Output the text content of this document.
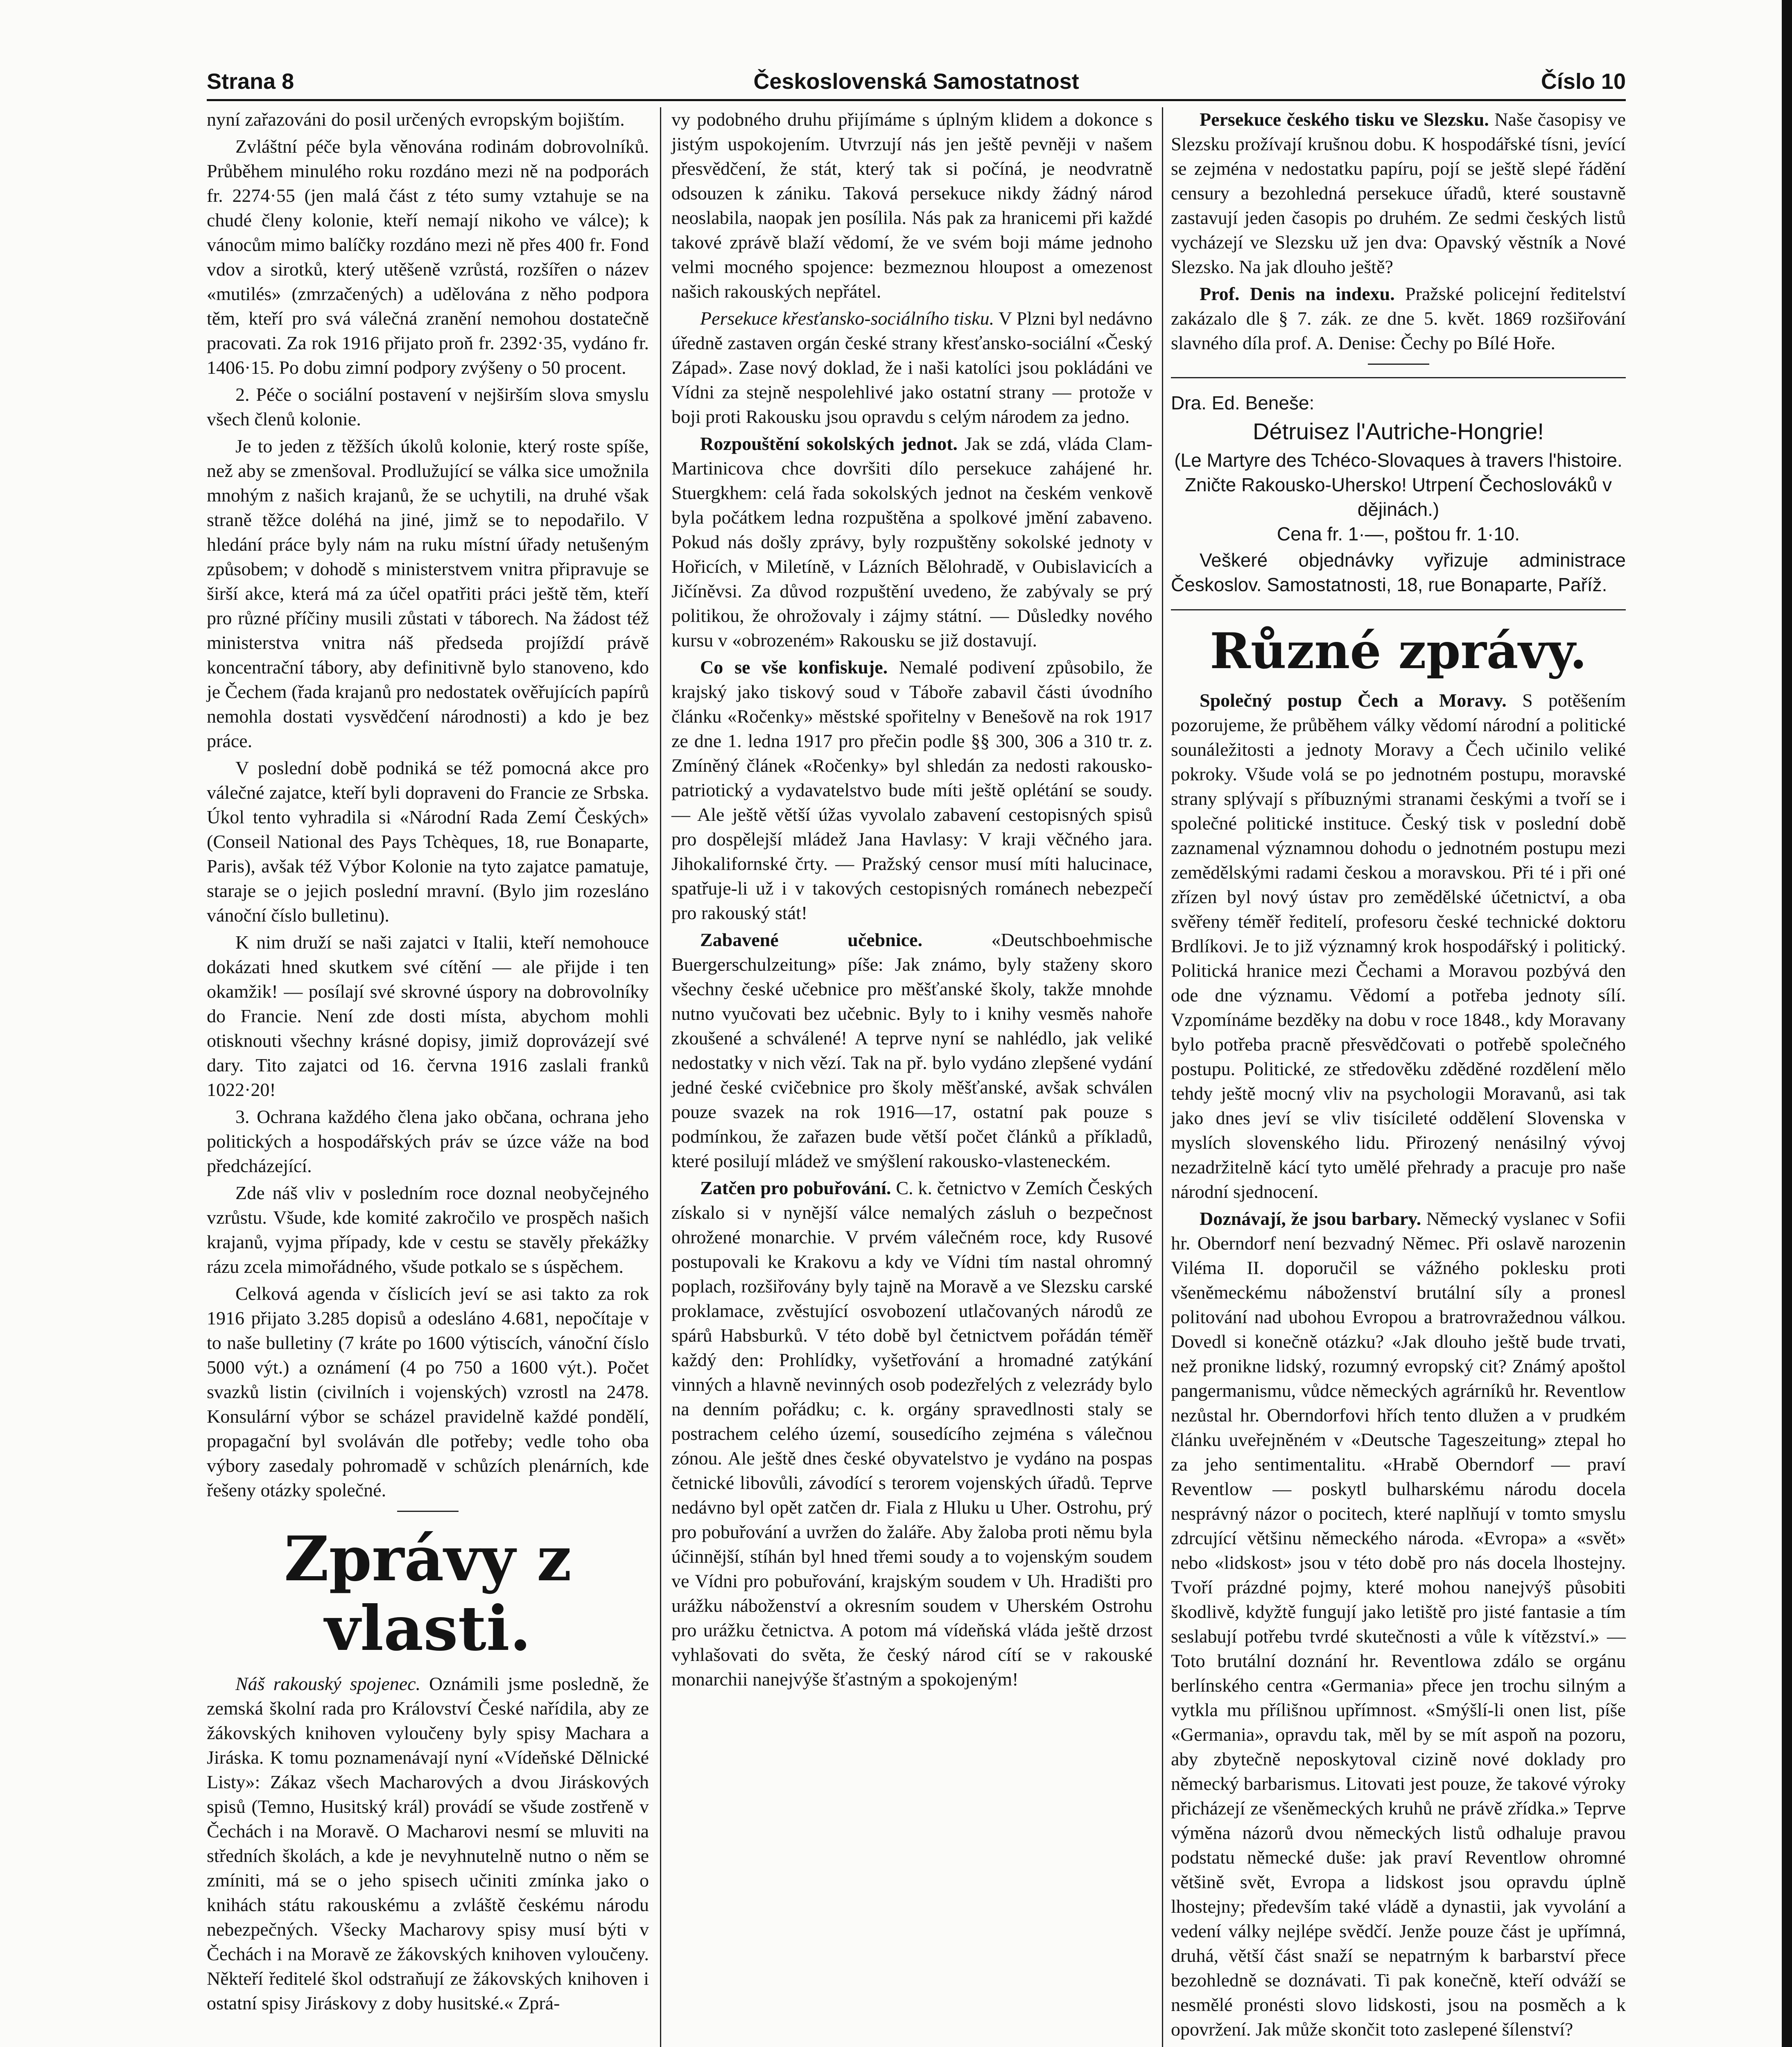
Strana 8	Československá Samostatnost	Číslo 10

nyní zařazováni do posil určených evropským bojištím.

Zvláštní péče byla věnována rodinám dobrovolníků. Průběhem minulého roku rozdáno mezi ně na podporách fr. 2274·55 (jen malá část z této sumy vztahuje se na chudé členy kolonie, kteří nemají nikoho ve válce); k vánocům mimo balíčky rozdáno mezi ně přes 400 fr. Fond vdov a sirotků, který utěšeně vzrůstá, rozšířen o název «mutilés» (zmrzačených) a udělována z něho podpora těm, kteří pro svá válečná zranění nemohou dostatečně pracovati. Za rok 1916 přijato proň fr. 2392·35, vydáno fr. 1406·15. Po dobu zimní podpory zvýšeny o 50 procent.

2. Péče o sociální postavení v nejširším slova smyslu všech členů kolonie.

Je to jeden z těžších úkolů kolonie, který roste spíše, než aby se zmenšoval. Prodlužující se válka sice umožnila mnohým z našich krajanů, že se uchytili, na druhé však straně těžce doléhá na jiné, jimž se to nepodařilo. V hledání práce byly nám na ruku místní úřady netušeným způsobem; v dohodě s ministerstvem vnitra připravuje se širší akce, která má za účel opatřiti práci ještě těm, kteří pro různé příčiny musili zůstati v táborech. Na žádost též ministerstva vnitra náš předseda projíždí právě koncentrační tábory, aby definitivně bylo stanoveno, kdo je Čechem (řada krajanů pro nedostatek ověřujících papírů nemohla dostati vysvědčení národnosti) a kdo je bez práce.

V poslední době podniká se též pomocná akce pro válečné zajatce, kteří byli dopraveni do Francie ze Srbska. Úkol tento vyhradila si «Národní Rada Zemí Českých» (Conseil National des Pays Tchèques, 18, rue Bonaparte, Paris), avšak též Výbor Kolonie na tyto zajatce pamatuje, staraje se o jejich poslední mravní. (Bylo jim rozesláno vánoční číslo bulletinu).

K nim druží se naši zajatci v Italii, kteří nemohouce dokázati hned skutkem své cítění — ale přijde i ten okamžik! — posílají své skrovné úspory na dobrovolníky do Francie. Není zde dosti místa, abychom mohli otisknouti všechny krásné dopisy, jimiž doprovázejí své dary. Tito zajatci od 16. června 1916 zaslali franků 1022·20!

3. Ochrana každého člena jako občana, ochrana jeho politických a hospodářských práv se úzce váže na bod předcházející.

Zde náš vliv v posledním roce doznal neobyčejného vzrůstu. Všude, kde komité zakročilo ve prospěch našich krajanů, vyjma případy, kde v cestu se stavěly překážky rázu zcela mimořádného, všude potkalo se s úspěchem.

Celková agenda v číslicích jeví se asi takto za rok 1916 přijato 3.285 dopisů a odesláno 4.681, nepočítaje v to naše bulletiny (7 kráte po 1600 výtiscích, vánoční číslo 5000 výt.) a oznámení (4 po 750 a 1600 výt.). Počet svazků listin (civilních i vojenských) vzrostl na 2478. Konsulární výbor se scházel pravidelně každé pondělí, propagační byl svoláván dle potřeby; vedle toho oba výbory zasedaly pohromadě v schůzích plenárních, kde řešeny otázky společné.

Zprávy z vlasti.

Náš rakouský spojenec. Oznámili jsme posledně, že zemská školní rada pro Království České nařídila, aby ze žákovských knihoven vyloučeny byly spisy Machara a Jiráska. K tomu poznamenávají nyní «Vídeňské Dělnické Listy»: Zákaz všech Macharových a dvou Jiráskových spisů (Temno, Husitský král) provádí se všude zostřeně v Čechách i na Moravě. O Macharovi nesmí se mluviti na středních školách, a kde je nevyhnutelně nutno o něm se zmíniti, má se o jeho spisech učiniti zmínka jako o knihách státu rakouskému a zvláště českému národu nebezpečných. Všecky Macharovy spisy musí býti v Čechách i na Moravě ze žákovských knihoven vyloučeny. Někteří ředitelé škol odstraňují ze žákovských knihoven i ostatní spisy Jiráskovy z doby husitské.« Zprá-

vy podobného druhu přijímáme s úplným klidem a dokonce s jistým uspokojením. Utvrzují nás jen ještě pevněji v našem přesvědčení, že stát, který tak si počíná, je neodvratně odsouzen k zániku. Taková persekuce nikdy žádný národ neoslabila, naopak jen posílila. Nás pak za hranicemi při každé takové zprávě blaží vědomí, že ve svém boji máme jednoho velmi mocného spojence: bezmeznou hloupost a omezenost našich rakouských nepřátel.

Persekuce křesťansko-sociálního tisku. V Plzni byl nedávno úředně zastaven orgán české strany křesťansko-sociální «Český Západ». Zase nový doklad, že i naši katolíci jsou pokládáni ve Vídni za stejně nespolehlivé jako ostatní strany — protože v boji proti Rakousku jsou opravdu s celým národem za jedno.

Rozpouštění sokolských jednot. Jak se zdá, vláda Clam-Martinicova chce dovršiti dílo persekuce zahájené hr. Stuergkhem: celá řada sokolských jednot na českém venkově byla počátkem ledna rozpuštěna a spolkové jmění zabaveno. Pokud nás došly zprávy, byly rozpuštěny sokolské jednoty v Hořicích, v Miletíně, v Lázních Bělohradě, v Oubislavicích a Jičíněvsi. Za důvod rozpuštění uvedeno, že zabývaly se prý politikou, že ohrožovaly i zájmy státní. — Důsledky nového kursu v «obrozeném» Rakousku se již dostavují.

Co se vše konfiskuje. Nemalé podivení způsobilo, že krajský jako tiskový soud v Táboře zabavil části úvodního článku «Ročenky» městské spořitelny v Benešově na rok 1917 ze dne 1. ledna 1917 pro přečin podle §§ 300, 306 a 310 tr. z. Zmíněný článek «Ročenky» byl shledán za nedosti rakousko-patriotický a vydavatelstvo bude míti ještě oplétání se soudy. — Ale ještě větší úžas vyvolalo zabavení cestopisných spisů pro dospělejší mládež Jana Havlasy: V kraji věčného jara. Jihokalifornské črty. — Pražský censor musí míti halucinace, spatřuje-li už i v takových cestopisných románech nebezpečí pro rakouský stát!

Zabavené učebnice.	«Deutschboehmische Buergerschulzeitung» píše: Jak známo, byly staženy skoro všechny české učebnice pro měšťanské školy, takže mnohde nutno vyučovati bez učebnic. Byly to i knihy vesměs nahoře zkoušené a schválené! A teprve nyní se nahlédlo, jak veliké nedostatky v nich vězí. Tak na př. bylo vydáno zlepšené vydání jedné české cvičebnice pro školy měšťanské, avšak schválen pouze svazek na rok 1916—17, ostatní pak pouze s podmínkou, že zařazen bude větší počet článků a příkladů, které posilují mládež ve smýšlení rakousko-vlasteneckém.

Zatčen pro pobuřování. C. k. četnictvo v Zemích Českých získalo si v nynější válce nemalých zásluh o bezpečnost ohrožené monarchie. V prvém válečném roce, kdy Rusové postupovali ke Krakovu a kdy ve Vídni tím nastal ohromný poplach, rozšiřovány byly tajně na Moravě a ve Slezsku carské proklamace, zvěstující osvobození utlačovaných národů ze spárů Habsburků. V této době byl četnictvem pořádán téměř každý den: Prohlídky, vyšetřování a hromadné zatýkání vinných a hlavně nevinných osob podezřelých z velezrády bylo na denním pořádku; c. k. orgány spravedlnosti staly se postrachem celého území, sousedícího zejména s válečnou zónou. Ale ještě dnes české obyvatelstvo je vydáno na pospas četnické libovůli, závodící s terorem vojenských úřadů. Teprve nedávno byl opět zatčen dr. Fiala z Hluku u Uher. Ostrohu, prý pro pobuřování a uvržen do žaláře. Aby žaloba proti němu byla účinnější, stíhán byl hned třemi soudy a to vojenským soudem ve Vídni pro pobuřování, krajským soudem v Uh. Hradišti pro urážku náboženství a okresním soudem v Uherském Ostrohu pro urážku četnictva. A potom má vídeňská vláda ještě drzost vyhlašovati do světa, že český národ cítí se v rakouské monarchii nanejvýše šťastným a spokojeným!

Persekuce českého tisku ve Slezsku. Naše časopisy ve Slezsku prožívají krušnou dobu. K hospodářské tísni, jevící se zejména v nedostatku papíru, pojí se ještě slepé řádění censury a bezohledná persekuce úřadů, které soustavně zastavují jeden časopis po druhém. Ze sedmi českých listů vycházejí ve Slezsku už jen dva: Opavský věstník a Nové Slezsko. Na jak dlouho ještě?

Prof. Denis na indexu. Pražské policejní ředitelství zakázalo dle § 7. zák. ze dne 5. květ. 1869 rozšiřování slavného díla prof. A. Denise: Čechy po Bílé Hoře.

Dra. Ed. Beneše:
Détruisez l'Autriche-Hongrie!
(Le Martyre des Tchéco-Slovaques à travers l'histoire. Zničte Rakousko-Uhersko! Utrpení Čechoslováků v dějinách.)
Cena fr. 1·—, poštou fr. 1·10.
Veškeré objednávky vyřizuje administrace Českoslov. Samostatnosti, 18, rue Bonaparte, Paříž.
Různé zprávy.

Společný postup Čech a Moravy. S potěšením pozorujeme, že průběhem války vědomí národní a politické sounáležitosti a jednoty Moravy a Čech učinilo veliké pokroky. Všude volá se po jednotném postupu, moravské strany splývají s příbuznými stranami českými a tvoří se i společné politické instituce. Český tisk v poslední době zaznamenal významnou dohodu o jednotném postupu mezi zemědělskými radami českou a moravskou. Při té i při oné zřízen byl nový ústav pro zemědělské účetnictví, a oba svěřeny téměř ředitelí, profesoru české technické doktoru Brdlíkovi. Je to již významný krok hospodářský i politický. Politická hranice mezi Čechami a Moravou pozbývá den ode dne významu. Vědomí a potřeba jednoty sílí. Vzpomínáme bezděky na dobu v roce 1848., kdy Moravany bylo potřeba pracně přesvědčovati o potřebě společného postupu. Politické, ze středověku zděděné rozdělení mělo tehdy ještě mocný vliv na psychologii Moravanů, asi tak jako dnes jeví se vliv tisícileté oddělení Slovenska v myslích slovenského lidu. Přirozený nenásilný vývoj nezadržitelně kácí tyto umělé přehrady a pracuje pro naše národní sjednocení.

Doznávají, že jsou barbary. Německý vyslanec v Sofii hr. Oberndorf není bezvadný Němec. Při oslavě narozenin Viléma II. doporučil se vážného poklesku proti všeněmeckému náboženství brutální síly a pronesl politování nad ubohou Evropou a bratrovražednou válkou. Dovedl si konečně otázku? «Jak dlouho ještě bude trvati, než pronikne lidský, rozumný evropský cit? Známý apoštol pangermanismu, vůdce německých agrárníků hr. Reventlow nezůstal hr. Oberndorfovi hřích tento dlužen a v prudkém článku uveřejněném v «Deutsche Tageszeitung» ztepal ho za jeho sentimentalitu. «Hrabě Oberndorf — praví Reventlow — poskytl bulharskému národu docela nesprávný názor o pocitech, které naplňují v tomto smyslu zdrcující většinu německého národa. «Evropa» a «svět» nebo «lidskost» jsou v této době pro nás docela lhostejny. Tvoří prázdné pojmy, které mohou nanejvýš působiti škodlivě, kdyžtě fungují jako letiště pro jisté fantasie a tím seslabují potřebu tvrdé skutečnosti a vůle k vítězství.» — Toto brutální doznání hr. Reventlowa zdálo se orgánu berlínského centra «Germania» přece jen trochu silným a vytkla mu přílišnou upřímnost. «Smýšlí-li onen list, píše «Germania», opravdu tak, měl by se mít aspoň na pozoru, aby zbytečně neposkytoval cizině nové doklady pro německý barbarismus. Litovati jest pouze, že takové výroky přicházejí ze všeněmeckých kruhů ne právě zřídka.» Teprve výměna názorů dvou německých listů odhaluje pravou podstatu německé duše: jak praví Reventlow ohromné většině svět, Evropa a lidskost jsou opravdu úplně lhostejny; především také vládě a dynastii, jak vyvolání a vedení války nejlépe svědčí. Jenže pouze část je upřímná, druhá, větší část snaží se nepatrným k barbarství přece bezohledně se doznávati. Ti pak konečně, kteří odváží se nesmělé pronésti slovo lidskosti, jsou na posměch a k opovržení. Jak může skončit toto zaslepené šílenství?
